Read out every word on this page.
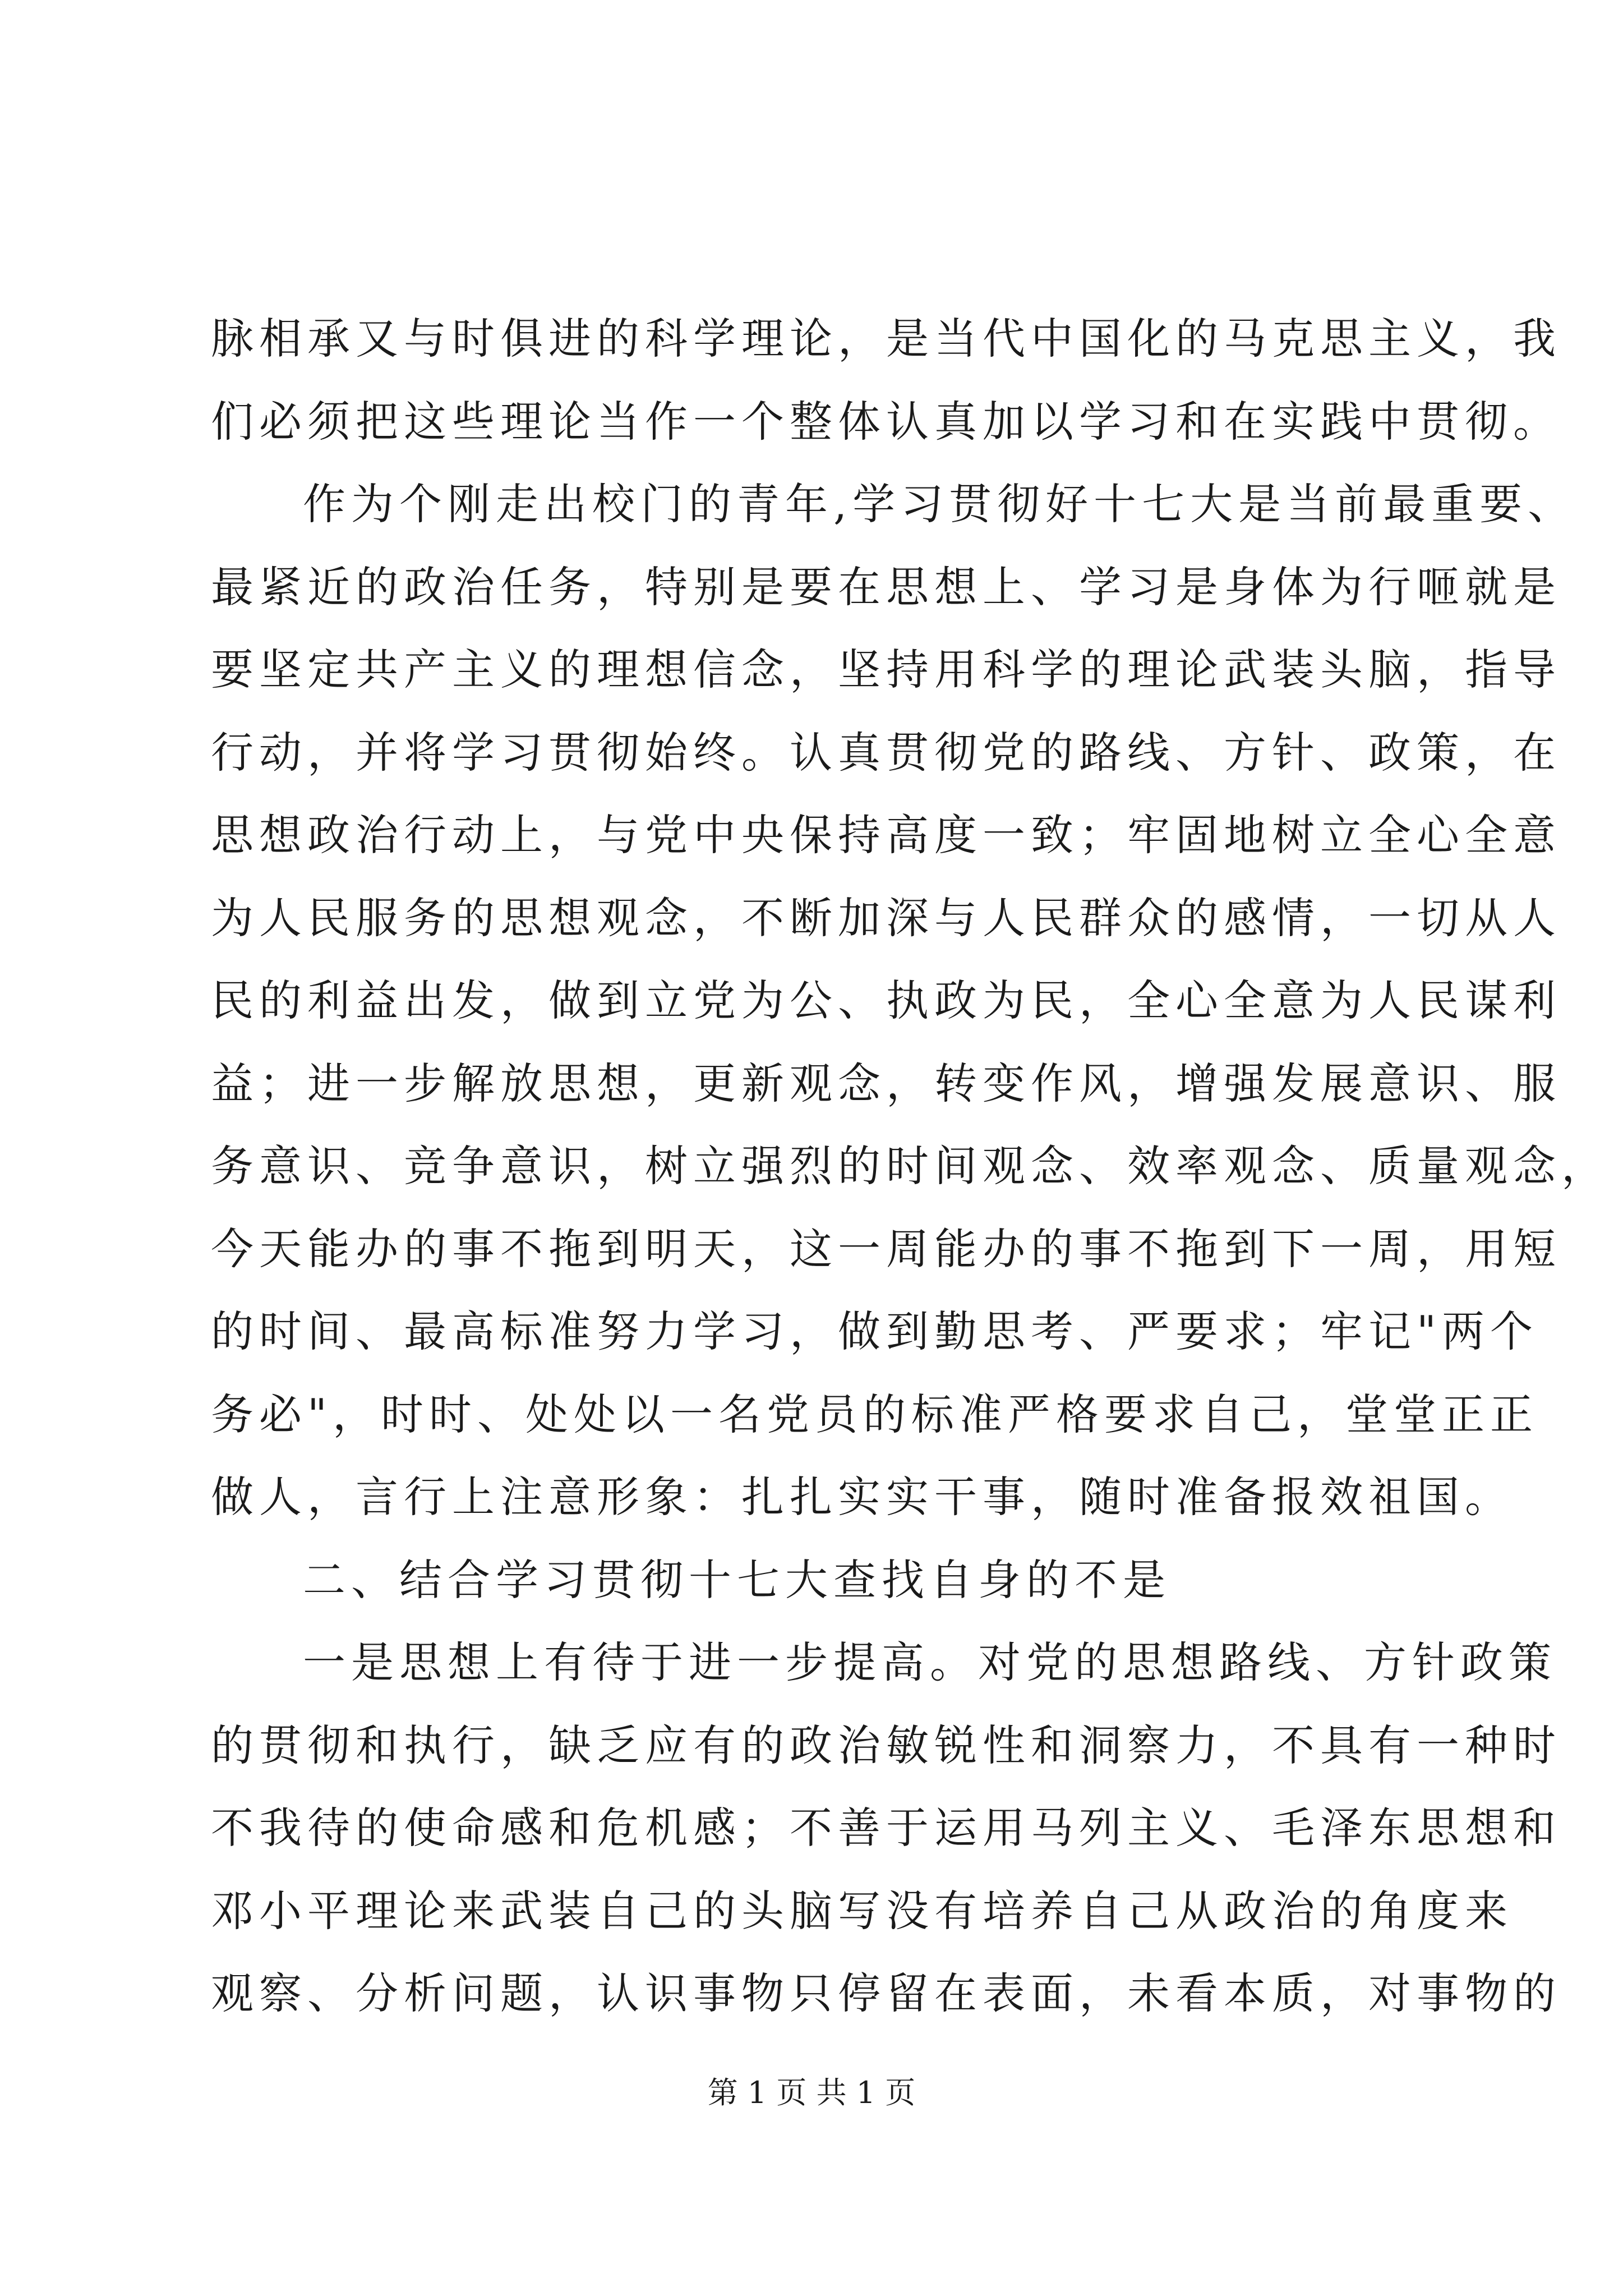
脉相承又与时俱进的科学理论，是当代中国化的马克思主义，我
们必须把这些理论当作一个整体认真加以学习和在实践中贯彻。
作为个刚走出校门的青年,学习贯彻好十七大是当前最重要、
最紧近的政治任务，特别是要在思想上、学习是身体为行咂就是
要坚定共产主义的理想信念，坚持用科学的理论武装头脑，指导
行动，并将学习贯彻始终。认真贯彻党的路线、方针、政策，在
思想政治行动上，与党中央保持高度一致；牢固地树立全心全意
为人民服务的思想观念，不断加深与人民群众的感情，一切从人
民的利益出发，做到立党为公、执政为民，全心全意为人民谋利
益；进一步解放思想，更新观念，转变作风，增强发展意识、服
务意识、竞争意识，树立强烈的时间观念、效率观念、质量观念，
今天能办的事不拖到明天，这一周能办的事不拖到下一周，用短
的时间、最高标准努力学习，做到勤思考、严要求；牢记"两个
务必"，时时、处处以一名党员的标准严格要求自己，堂堂正正
做人，言行上注意形象：扎扎实实干事，随时准备报效祖国。
二、结合学习贯彻十七大查找自身的不是
一是思想上有待于进一步提高。对党的思想路线、方针政策
的贯彻和执行，缺乏应有的政治敏锐性和洞察力，不具有一种时
不我待的使命感和危机感；不善于运用马列主义、毛泽东思想和
邓小平理论来武装自己的头脑写没有培养自己从政治的角度来
第 1 页 共 1 页
观察、分析问题，认识事物只停留在表面，未看本质，对事物的
